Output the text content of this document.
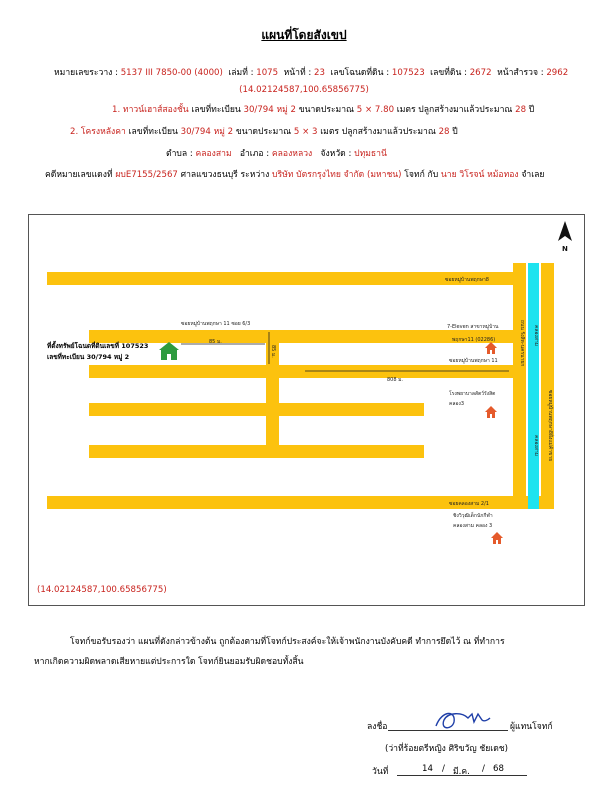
แผนที่โดยสังเขป
หมายเลขระวาง : 5137 III 7850-00 (4000) เล่มที่ : 1075 หน้าที่ : 23 เลขโฉนดที่ดิน : 107523 เลขที่ดิน : 2672 หน้าสำรวจ : 2962
(14.02124587,100.65856775)
1. ทาวน์เฮาส์สองชั้น เลขที่ทะเบียน 30/794 หมู่ 2 ขนาดประมาณ 5 × 7.80 เมตร ปลูกสร้างมาแล้วประมาณ 28 ปี
2. โครงหลังคา เลขที่ทะเบียน 30/794 หมู่ 2 ขนาดประมาณ 5 × 3 เมตร ปลูกสร้างมาแล้วประมาณ 28 ปี
ตำบล : คลองสาม อำเภอ : คลองหลวง จังหวัด : ปทุมธานี
คดีหมายเลขแดงที่ ผบE7155/2567 ศาลแขวงธนบุรี ระหว่าง บริษัท บัตรกรุงไทย จำกัด (มหาชน) โจทก์ กับ นาย วิโรจน์ หม้อทอง จำเลย
ซอยหมู่บ้านพฤกษา8
ซอยหมู่บ้านพฤกษา 11 ซอย 6/3
ซอยหมู่บ้านพฤกษา 11
ซอยคลองสาม 2/1
ถนน รังสิต-นครนายก คลองสาม
คลองสาม ซอยหมู่บ้านพฤกษา8ฝั่งแม่ค้าขาย
85 ม.
85 ม.
808 ม.
7-Eleven สาขาหมู่บ้าน
พฤกษา11 (02286)
โรงพยาบาลสัตว์รังสิต
คลอง3
ชิงวิวุฒิเด็กนักกีฬา
คลองสาม คลอง 3
N
ที่ตั้งทรัพย์โฉนดที่ดินเลขที่ 107523
เลขที่ทะเบียน 30/794 หมู่ 2
(14.02124587,100.65856775)
โจทก์ขอรับรองว่า แผนที่ดังกล่าวข้างต้น ถูกต้องตามที่โจทก์ประสงค์จะให้เจ้าพนักงานบังคับคดี ทำการยึดไว้ ณ ที่ทำการ
หากเกิดความผิดพลาดเสียหายแต่ประการใด โจทก์ยินยอมรับผิดชอบทั้งสิ้น
ลงชื่อ	ผู้แทนโจทก์
(ว่าที่ร้อยตรีหญิง ศิริขวัญ ชัยเดช)
วันที่	14 / มี.ค. / 68
